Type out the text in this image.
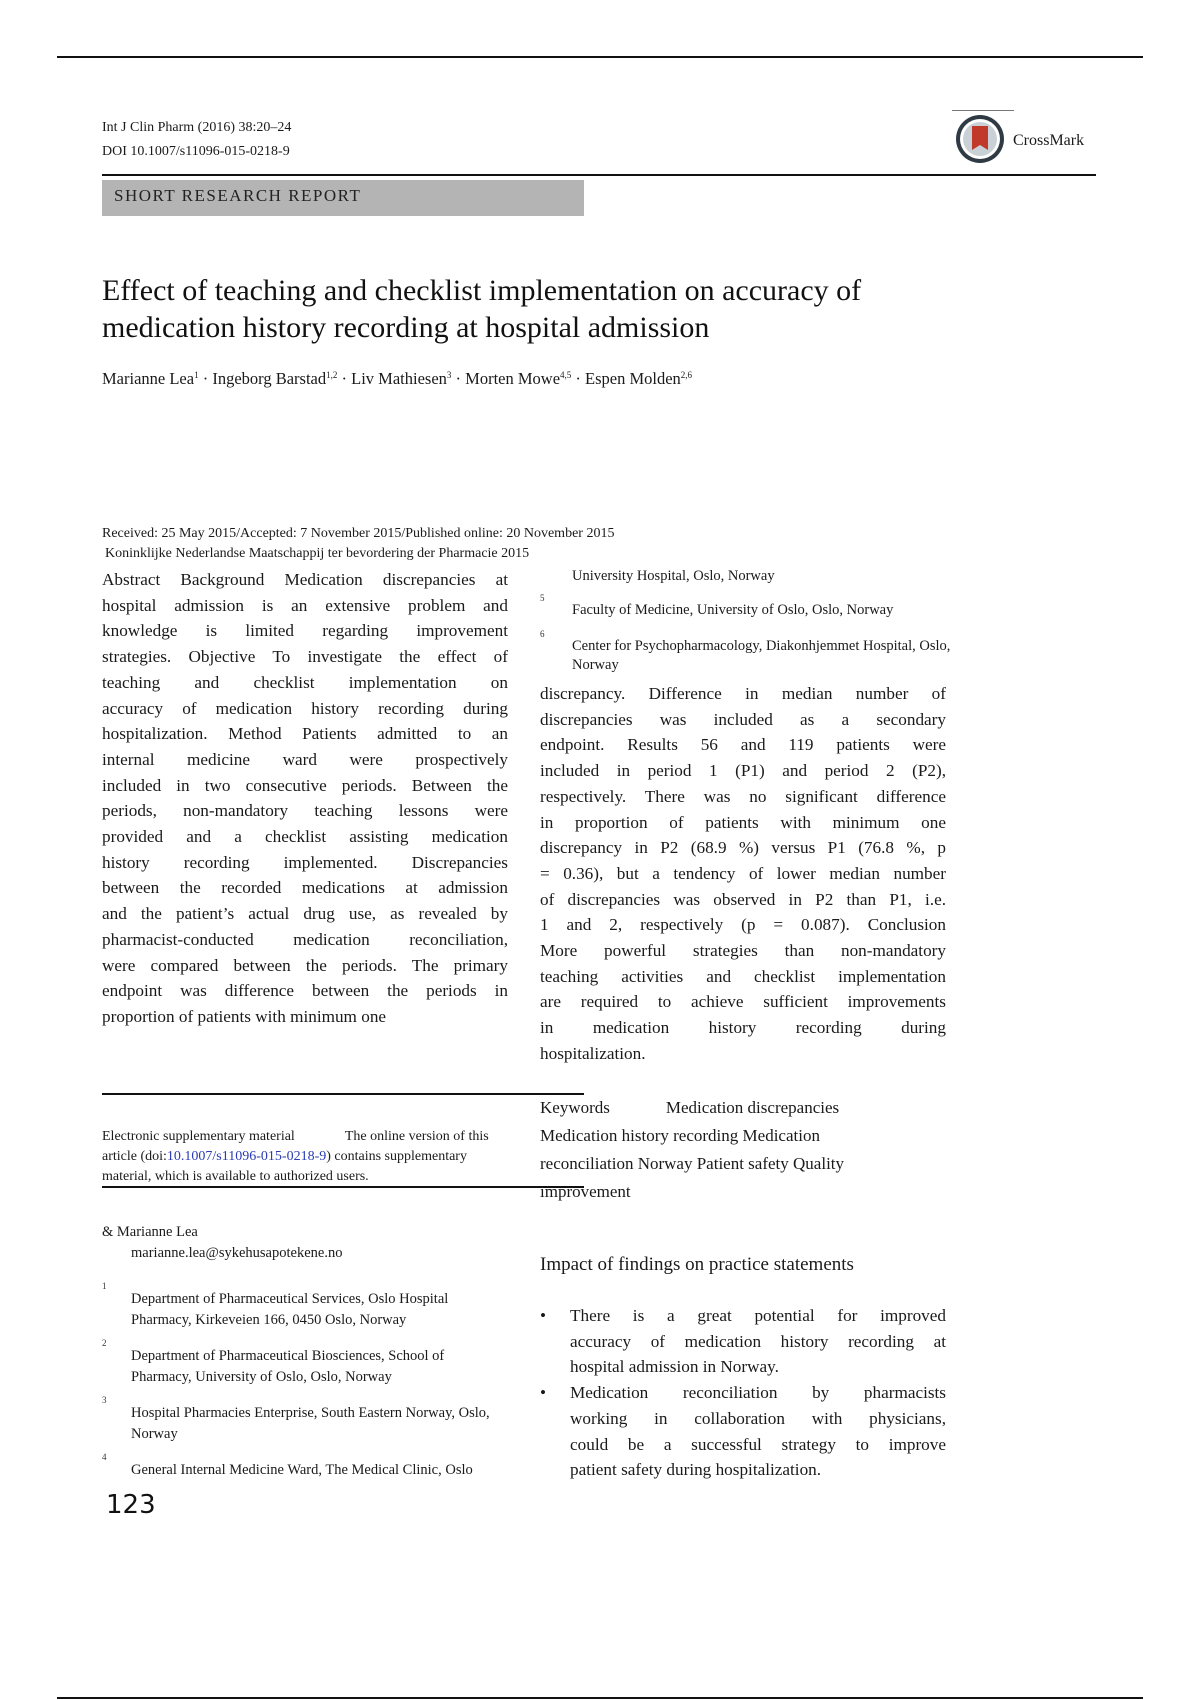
Int J Clin Pharm (2016) 38:20–24
DOI 10.1007/s11096-015-0218-9
CrossMark
SHORT RESEARCH REPORT
Effect of teaching and checklist implementation on accuracy of
medication history recording at hospital admission
Marianne Lea$^1$ · Ingeborg Barstad$^{1,2}$ · Liv Mathiesen$^3$ · Morten Mowe$^{4,5}$ · Espen Molden$^{2,6}$
Received: 25 May 2015/Accepted: 7 November 2015/Published online: 20 November 2015
Koninklijke Nederlandse Maatschappij ter bevordering der Pharmacie 2015
Abstract Background Medication discrepancies at
hospital admission is an extensive problem and
knowledge is limited regarding improvement
strategies. Objective To investigate the effect of
teaching and checklist implementation on
accuracy of medication history recording during
hospitalization. Method Patients admitted to an
internal medicine ward were prospectively
included in two consecutive periods. Between the
periods, non-mandatory teaching lessons were
provided and a checklist assisting medication
history recording implemented. Discrepancies
between the recorded medications at admission
and the patient’s actual drug use, as revealed by
pharmacist-conducted medication reconciliation,
were compared between the periods. The primary
endpoint was difference between the periods in
proportion of patients with minimum one
University Hospital, Oslo, Norway
5
Faculty of Medicine, University of Oslo, Oslo, Norway
6
Center for Psychopharmacology, Diakonhjemmet Hospital, Oslo,
Norway
discrepancy. Difference in median number of
discrepancies was included as a secondary
endpoint. Results 56 and 119 patients were
included in period 1 (P1) and period 2 (P2),
respectively. There was no significant difference
in proportion of patients with minimum one
discrepancy in P2 (68.9 %) versus P1 (76.8 %, p
= 0.36), but a tendency of lower median number
of discrepancies was observed in P2 than P1, i.e.
1 and 2, respectively (p = 0.087). Conclusion
More powerful strategies than non-mandatory
teaching activities and checklist implementation
are required to achieve sufficient improvements
in medication history recording during
hospitalization.
Electronic supplementary material	The online version of this
article (doi:10.1007/s11096-015-0218-9) contains supplementary
material, which is available to authorized users.
Keywords	Medication discrepancies
Medication history recording Medication
reconciliation Norway Patient safety Quality
improvement
& Marianne Lea
marianne.lea@sykehusapotekene.no
1
Department of Pharmaceutical Services, Oslo Hospital
Pharmacy, Kirkeveien 166, 0450 Oslo, Norway
2
Department of Pharmaceutical Biosciences, School of
Pharmacy, University of Oslo, Oslo, Norway
3
Hospital Pharmacies Enterprise, South Eastern Norway, Oslo,
Norway
4
General Internal Medicine Ward, The Medical Clinic, Oslo
Impact of findings on practice statements
• There is a great potential for improved
accuracy of medication history recording at
hospital admission in Norway.
• Medication reconciliation by pharmacists
working in collaboration with physicians,
could be a successful strategy to improve
patient safety during hospitalization.
123
